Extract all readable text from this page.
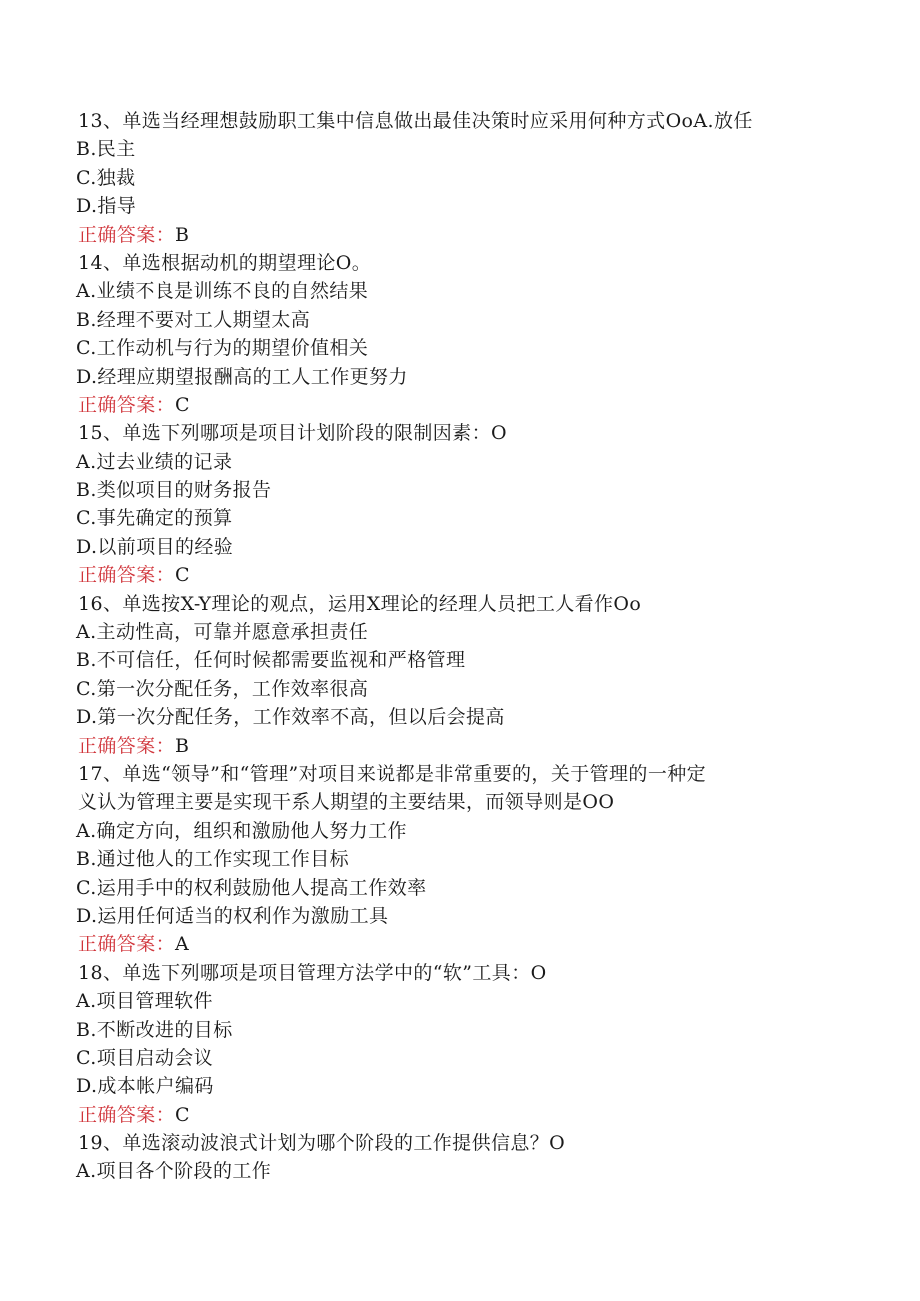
13、单选当经理想鼓励职工集中信息做出最佳决策时应采用何种方式OoA.放任
B.民主
C.独裁
D.指导
正确答案：B
14、单选根据动机的期望理论O。
A.业绩不良是训练不良的自然结果
B.经理不要对工人期望太高
C.工作动机与行为的期望价值相关
D.经理应期望报酬高的工人工作更努力
正确答案：C
15、单选下列哪项是项目计划阶段的限制因素：O
A.过去业绩的记录
B.类似项目的财务报告
C.事先确定的预算
D.以前项目的经验
正确答案：C
16、单选按X-Y理论的观点，运用X理论的经理人员把工人看作Oo
A.主动性高，可靠并愿意承担责任
B.不可信任，任何时候都需要监视和严格管理
C.第一次分配任务，工作效率很高
D.第一次分配任务，工作效率不高，但以后会提高
正确答案：B
17、单选“领导”和“管理”对项目来说都是非常重要的，关于管理的一种定
义认为管理主要是实现干系人期望的主要结果，而领导则是OO
A.确定方向，组织和激励他人努力工作
B.通过他人的工作实现工作目标
C.运用手中的权利鼓励他人提高工作效率
D.运用任何适当的权利作为激励工具
正确答案：A
18、单选下列哪项是项目管理方法学中的“软”工具：O
A.项目管理软件
B.不断改进的目标
C.项目启动会议
D.成本帐户编码
正确答案：C
19、单选滚动波浪式计划为哪个阶段的工作提供信息？O
A.项目各个阶段的工作
